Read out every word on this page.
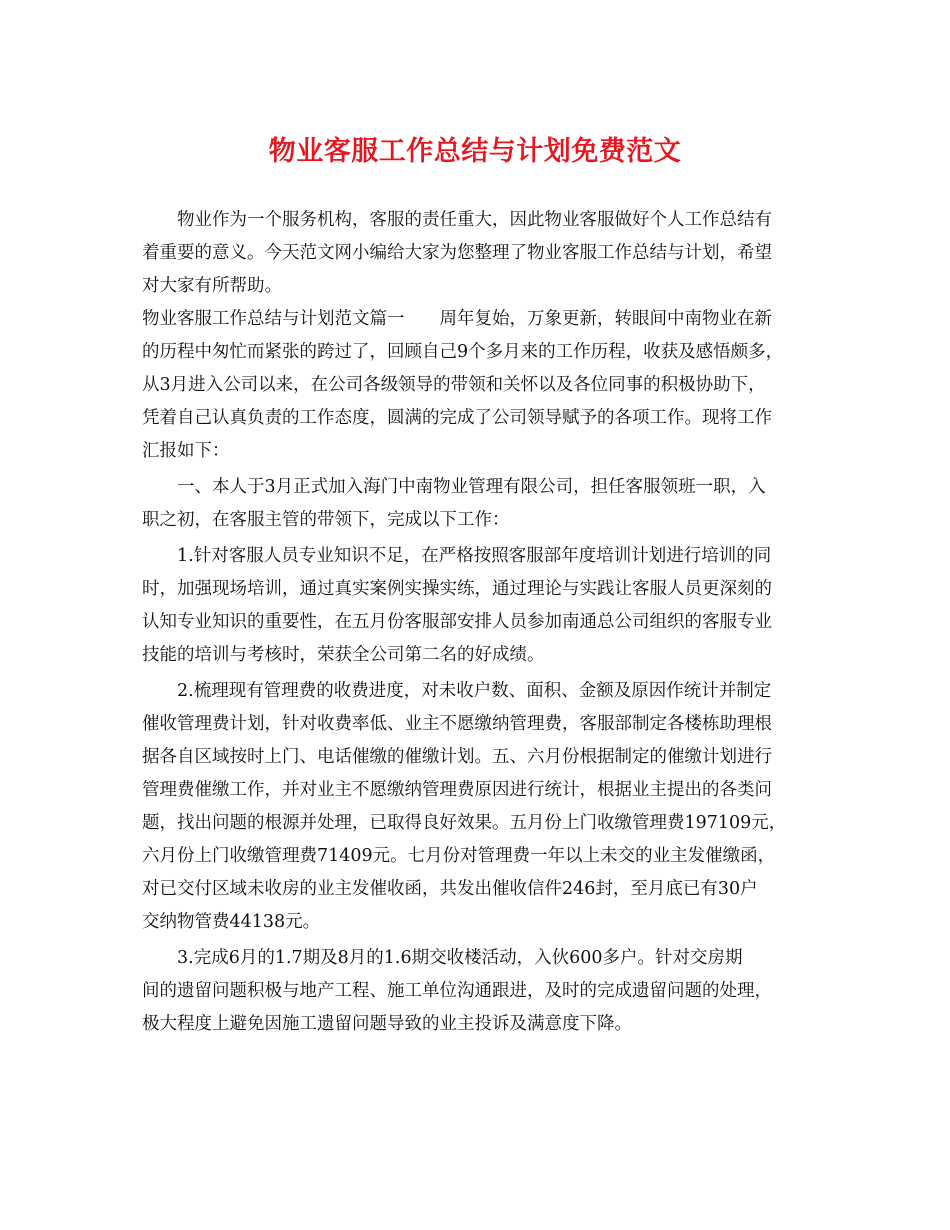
物业客服工作总结与计划免费范文

物业作为一个服务机构，客服的责任重大，因此物业客服做好个人工作总结有
着重要的意义。今天范文网小编给大家为您整理了物业客服工作总结与计划，希望
对大家有所帮助。

物业客服工作总结与计划范文篇一　　周年复始，万象更新，转眼间中南物业在新
的历程中匆忙而紧张的跨过了，回顾自己9个多月来的工作历程，收获及感悟颇多，
从3月进入公司以来，在公司各级领导的带领和关怀以及各位同事的积极协助下，
凭着自己认真负责的工作态度，圆满的完成了公司领导赋予的各项工作。现将工作
汇报如下：

一、本人于3月正式加入海门中南物业管理有限公司，担任客服领班一职，入
职之初，在客服主管的带领下，完成以下工作：

1.针对客服人员专业知识不足，在严格按照客服部年度培训计划进行培训的同
时，加强现场培训，通过真实案例实操实练，通过理论与实践让客服人员更深刻的
认知专业知识的重要性，在五月份客服部安排人员参加南通总公司组织的客服专业
技能的培训与考核时，荣获全公司第二名的好成绩。

2.梳理现有管理费的收费进度，对未收户数、面积、金额及原因作统计并制定
催收管理费计划，针对收费率低、业主不愿缴纳管理费，客服部制定各楼栋助理根
据各自区域按时上门、电话催缴的催缴计划。五、六月份根据制定的催缴计划进行
管理费催缴工作，并对业主不愿缴纳管理费原因进行统计，根据业主提出的各类问
题，找出问题的根源并处理，已取得良好效果。五月份上门收缴管理费197109元，
六月份上门收缴管理费71409元。七月份对管理费一年以上未交的业主发催缴函，
对已交付区域未收房的业主发催收函，共发出催收信件246封，至月底已有30户
交纳物管费44138元。

3.完成6月的1.7期及8月的1.6期交收楼活动，入伙600多户。针对交房期
间的遗留问题积极与地产工程、施工单位沟通跟进，及时的完成遗留问题的处理，
极大程度上避免因施工遗留问题导致的业主投诉及满意度下降。
